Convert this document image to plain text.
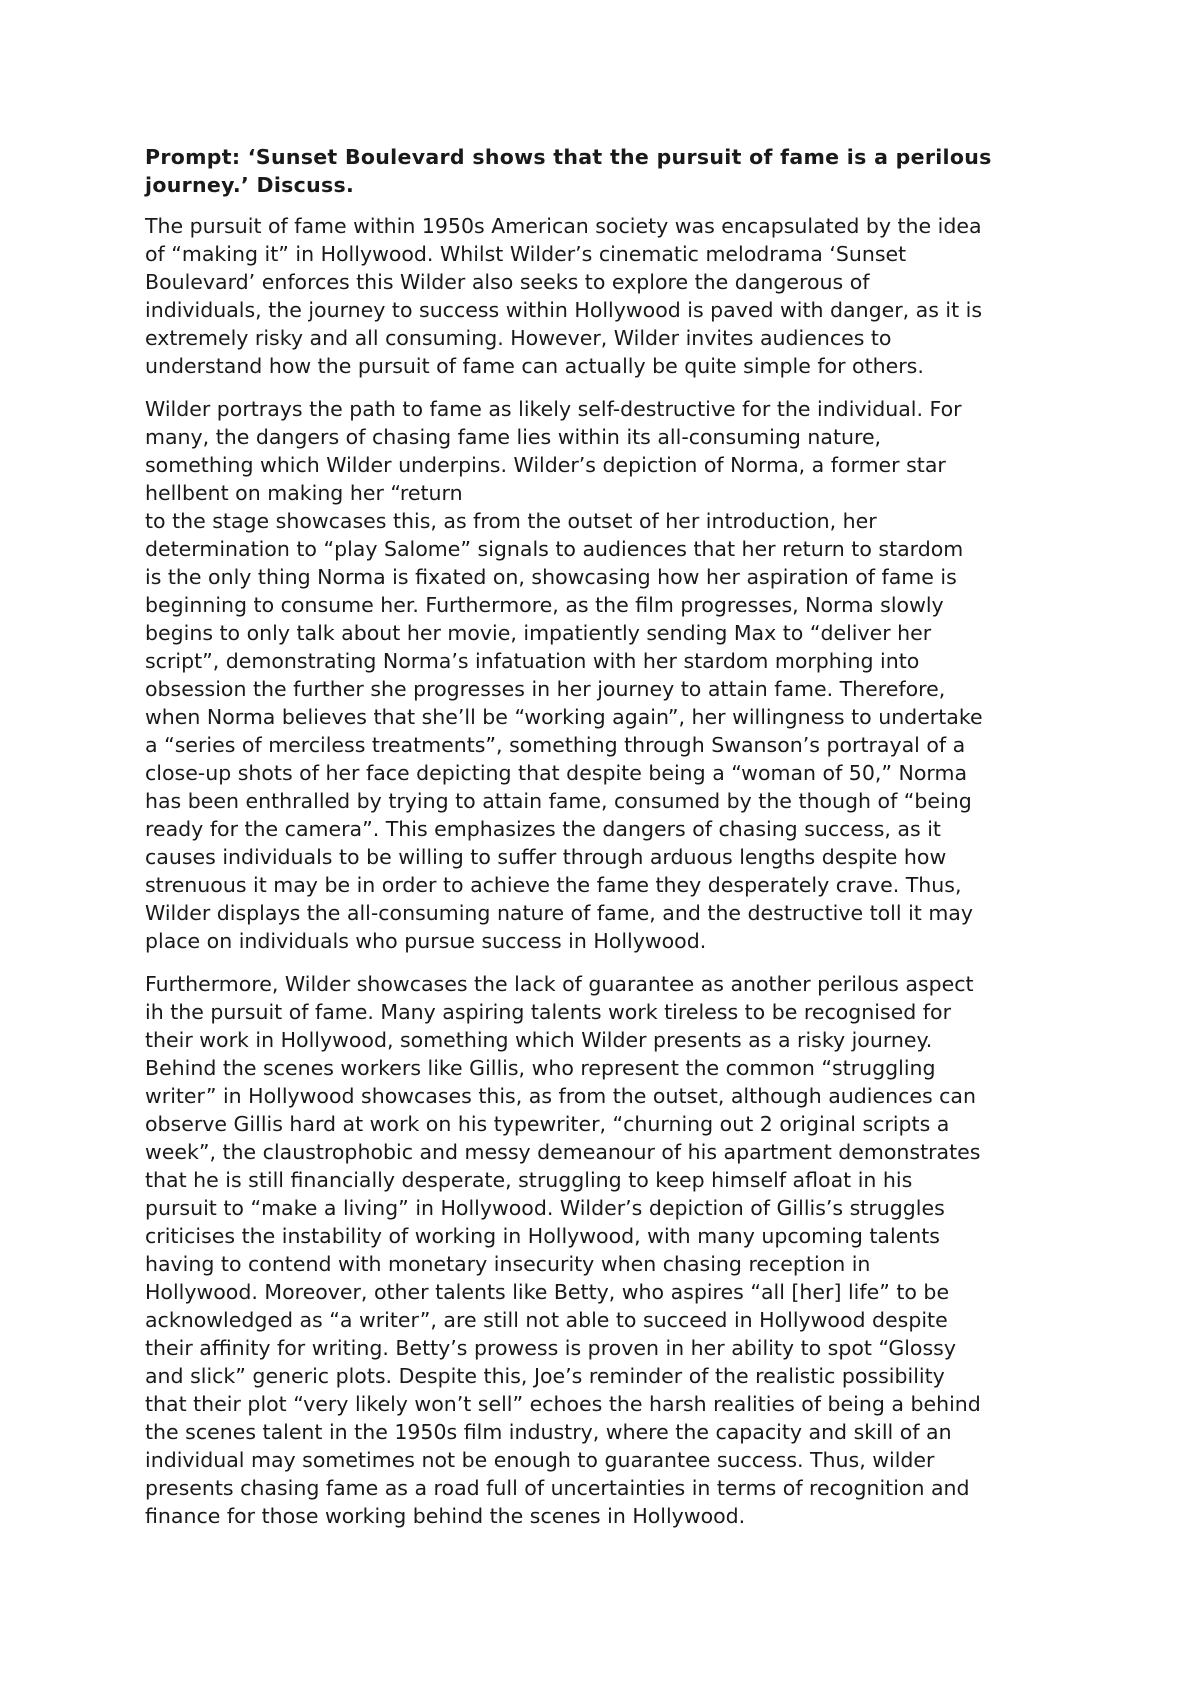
Prompt: ‘Sunset Boulevard shows that the pursuit of fame is a perilous
journey.’ Discuss.
The pursuit of fame within 1950s American society was encapsulated by the idea
of “making it” in Hollywood. Whilst Wilder’s cinematic melodrama ‘Sunset
Boulevard’ enforces this Wilder also seeks to explore the dangerous of
individuals, the journey to success within Hollywood is paved with danger, as it is
extremely risky and all consuming. However, Wilder invites audiences to
understand how the pursuit of fame can actually be quite simple for others.
Wilder portrays the path to fame as likely self-destructive for the individual. For
many, the dangers of chasing fame lies within its all-consuming nature,
something which Wilder underpins. Wilder’s depiction of Norma, a former star
hellbent on making her “return
to the stage showcases this, as from the outset of her introduction, her
determination to “play Salome” signals to audiences that her return to stardom
is the only thing Norma is fixated on, showcasing how her aspiration of fame is
beginning to consume her. Furthermore, as the film progresses, Norma slowly
begins to only talk about her movie, impatiently sending Max to “deliver her
script”, demonstrating Norma’s infatuation with her stardom morphing into
obsession the further she progresses in her journey to attain fame. Therefore,
when Norma believes that she’ll be “working again”, her willingness to undertake
a “series of merciless treatments”, something through Swanson’s portrayal of a
close-up shots of her face depicting that despite being a “woman of 50,” Norma
has been enthralled by trying to attain fame, consumed by the though of “being
ready for the camera”. This emphasizes the dangers of chasing success, as it
causes individuals to be willing to suffer through arduous lengths despite how
strenuous it may be in order to achieve the fame they desperately crave. Thus,
Wilder displays the all-consuming nature of fame, and the destructive toll it may
place on individuals who pursue success in Hollywood.
Furthermore, Wilder showcases the lack of guarantee as another perilous aspect
ih the pursuit of fame. Many aspiring talents work tireless to be recognised for
their work in Hollywood, something which Wilder presents as a risky journey.
Behind the scenes workers like Gillis, who represent the common “struggling
writer” in Hollywood showcases this, as from the outset, although audiences can
observe Gillis hard at work on his typewriter, “churning out 2 original scripts a
week”, the claustrophobic and messy demeanour of his apartment demonstrates
that he is still financially desperate, struggling to keep himself afloat in his
pursuit to “make a living” in Hollywood. Wilder’s depiction of Gillis’s struggles
criticises the instability of working in Hollywood, with many upcoming talents
having to contend with monetary insecurity when chasing reception in
Hollywood. Moreover, other talents like Betty, who aspires “all [her] life” to be
acknowledged as “a writer”, are still not able to succeed in Hollywood despite
their affinity for writing. Betty’s prowess is proven in her ability to spot “Glossy
and slick” generic plots. Despite this, Joe’s reminder of the realistic possibility
that their plot “very likely won’t sell” echoes the harsh realities of being a behind
the scenes talent in the 1950s film industry, where the capacity and skill of an
individual may sometimes not be enough to guarantee success. Thus, wilder
presents chasing fame as a road full of uncertainties in terms of recognition and
finance for those working behind the scenes in Hollywood.
